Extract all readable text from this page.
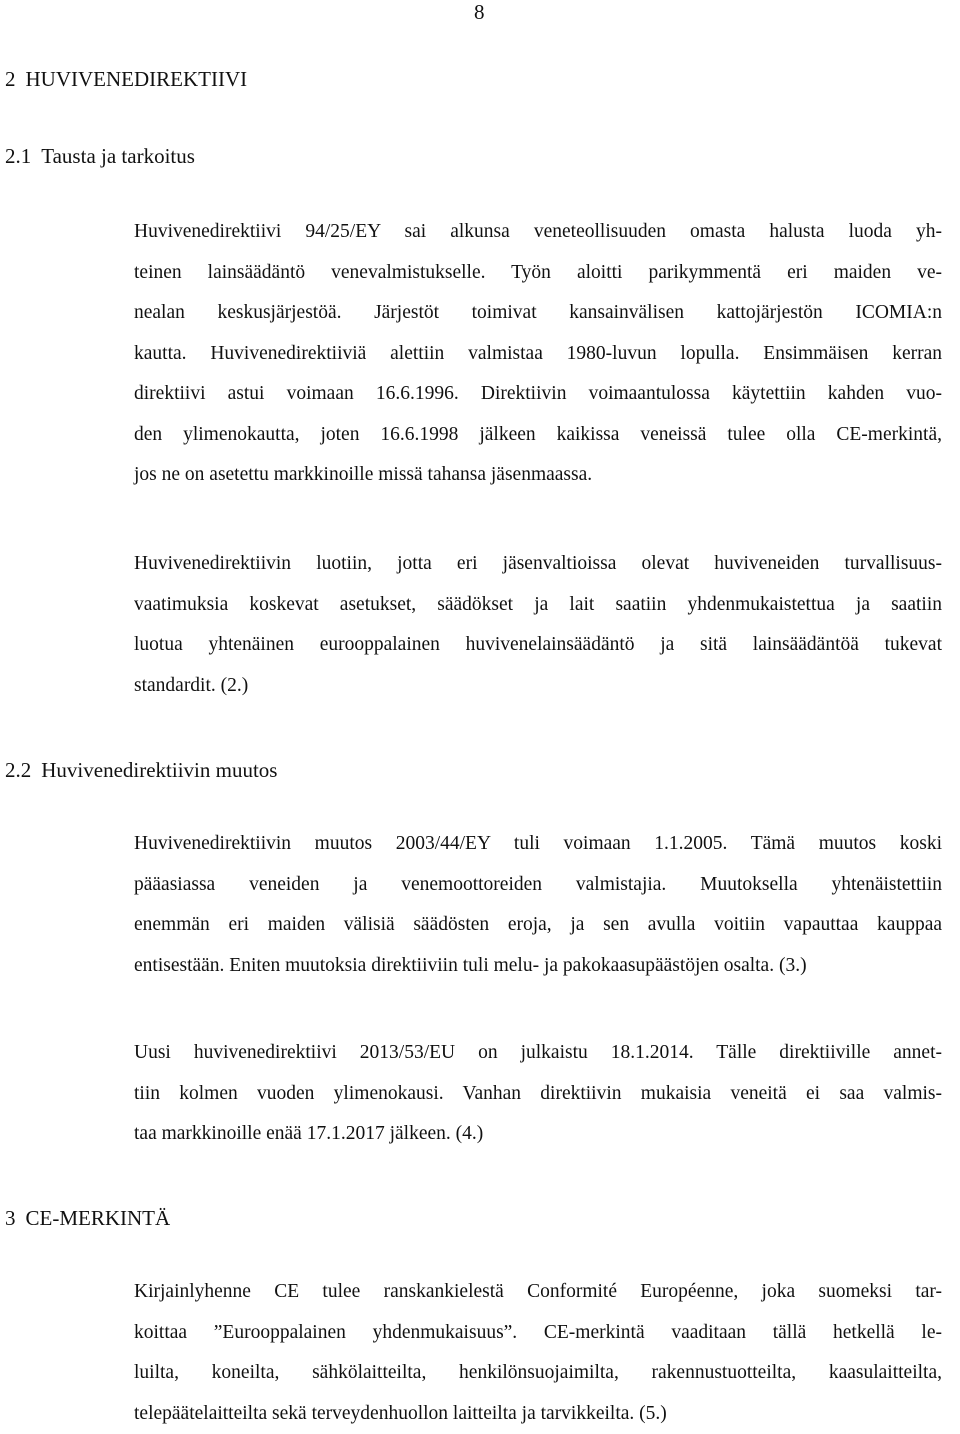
8
2 HUVIVENEDIREKTIIVI
2.1 Tausta ja tarkoitus
Huvivenedirektiivi 94/25/EY sai alkunsa veneteollisuuden omasta halusta luoda yh-
teinen lainsäädäntö venevalmistukselle. Työn aloitti parikymmentä eri maiden ve-
nealan keskusjärjestöä. Järjestöt toimivat kansainvälisen kattojärjestön ICOMIA:n
kautta. Huvivenedirektiiviä alettiin valmistaa 1980-luvun lopulla. Ensimmäisen kerran
direktiivi astui voimaan 16.6.1996. Direktiivin voimaantulossa käytettiin kahden vuo-
den ylimenokautta, joten 16.6.1998 jälkeen kaikissa veneissä tulee olla CE-merkintä,
jos ne on asetettu markkinoille missä tahansa jäsenmaassa.
Huvivenedirektiivin luotiin, jotta eri jäsenvaltioissa olevat huviveneiden turvallisuus-
vaatimuksia koskevat asetukset, säädökset ja lait saatiin yhdenmukaistettua ja saatiin
luotua yhtenäinen eurooppalainen huvivenelainsäädäntö ja sitä lainsäädäntöä tukevat
standardit. (2.)
2.2 Huvivenedirektiivin muutos
Huvivenedirektiivin muutos 2003/44/EY tuli voimaan 1.1.2005. Tämä muutos koski
pääasiassa veneiden ja venemoottoreiden valmistajia. Muutoksella yhtenäistettiin
enemmän eri maiden välisiä säädösten eroja, ja sen avulla voitiin vapauttaa kauppaa
entisestään. Eniten muutoksia direktiiviin tuli melu- ja pakokaasupäästöjen osalta. (3.)
Uusi huvivenedirektiivi 2013/53/EU on julkaistu 18.1.2014. Tälle direktiiville annet-
tiin kolmen vuoden ylimenokausi. Vanhan direktiivin mukaisia veneitä ei saa valmis-
taa markkinoille enää 17.1.2017 jälkeen. (4.)
3 CE-MERKINTÄ
Kirjainlyhenne CE tulee ranskankielestä Conformité Européenne, joka suomeksi tar-
koittaa ”Eurooppalainen yhdenmukaisuus”. CE-merkintä vaaditaan tällä hetkellä le-
luilta, koneilta, sähkölaitteilta, henkilönsuojaimilta, rakennustuotteilta, kaasulaitteilta,
telepäätelaitteilta sekä terveydenhuollon laitteilta ja tarvikkeilta. (5.)
